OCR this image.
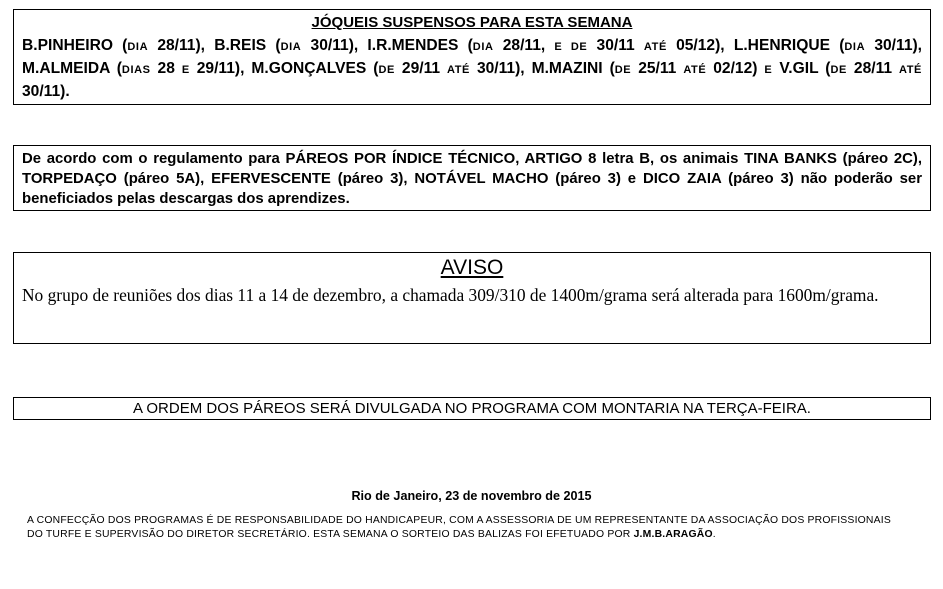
JÓQUEIS SUSPENSOS PARA ESTA SEMANA
B.PINHEIRO (DIA 28/11), B.REIS (DIA 30/11), I.R.MENDES (DIA 28/11, E DE 30/11 ATÉ 05/12), L.HENRIQUE (DIA 30/11), M.ALMEIDA (DIAS 28 E 29/11), M.GONÇALVES (DE 29/11 ATÉ 30/11), M.MAZINI (DE 25/11 ATÉ 02/12) E V.GIL (DE 28/11 ATÉ 30/11).
De acordo com o regulamento para PÁREOS POR ÍNDICE TÉCNICO, ARTIGO 8 letra B, os animais TINA BANKS (páreo 2C), TORPEDAÇO (páreo 5A), EFERVESCENTE (páreo 3), NOTÁVEL MACHO (páreo 3) e DICO ZAIA (páreo 3) não poderão ser beneficiados pelas descargas dos aprendizes.
AVISO
No grupo de reuniões dos dias 11 a 14 de dezembro, a chamada 309/310 de 1400m/grama será alterada para 1600m/grama.
A ORDEM DOS PÁREOS SERÁ DIVULGADA NO PROGRAMA COM MONTARIA NA TERÇA-FEIRA.
Rio de Janeiro, 23 de novembro de 2015
A CONFECÇÃO DOS PROGRAMAS É DE RESPONSABILIDADE DO HANDICAPEUR, COM A ASSESSORIA DE UM REPRESENTANTE DA ASSOCIAÇÃO DOS PROFISSIONAIS DO TURFE E SUPERVISÃO DO DIRETOR SECRETÁRIO. ESTA SEMANA O SORTEIO DAS BALIZAS FOI EFETUADO POR J.M.B.ARAGÃO.
